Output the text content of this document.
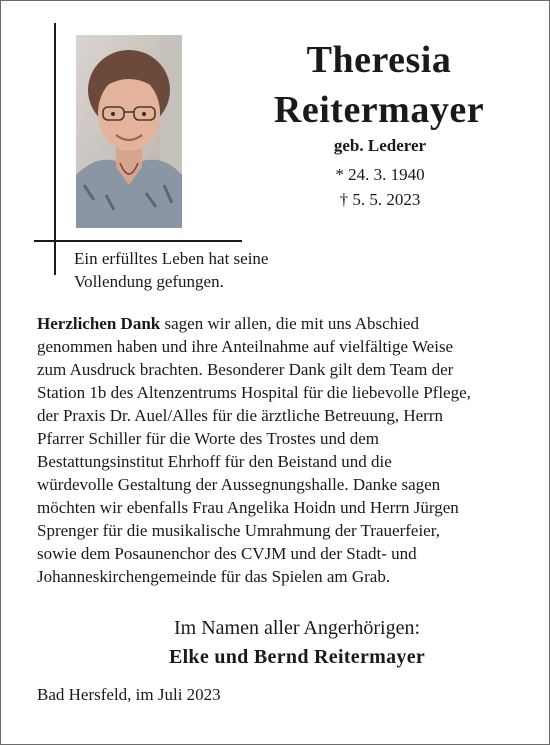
Theresia
Reitermayer
geb. Lederer
* 24. 3. 1940
† 5. 5. 2023
Ein erfülltes Leben hat seine
Vollendung gefungen.
Herzlichen Dank sagen wir allen, die mit uns Abschied
genommen haben und ihre Anteilnahme auf vielfältige Weise
zum Ausdruck brachten. Besonderer Dank gilt dem Team der
Station 1b des Altenzentrums Hospital für die liebevolle Pflege,
der Praxis Dr. Auel/Alles für die ärztliche Betreuung, Herrn
Pfarrer Schiller für die Worte des Trostes und dem
Bestattungsinstitut Ehrhoff für den Beistand und die
würdevolle Gestaltung der Aussegnungshalle. Danke sagen
möchten wir ebenfalls Frau Angelika Hoidn und Herrn Jürgen
Sprenger für die musikalische Umrahmung der Trauerfeier,
sowie dem Posaunenchor des CVJM und der Stadt- und
Johanneskirchengemeinde für das Spielen am Grab.
Im Namen aller Angerhörigen:
Elke und Bernd Reitermayer
Bad Hersfeld, im Juli 2023
